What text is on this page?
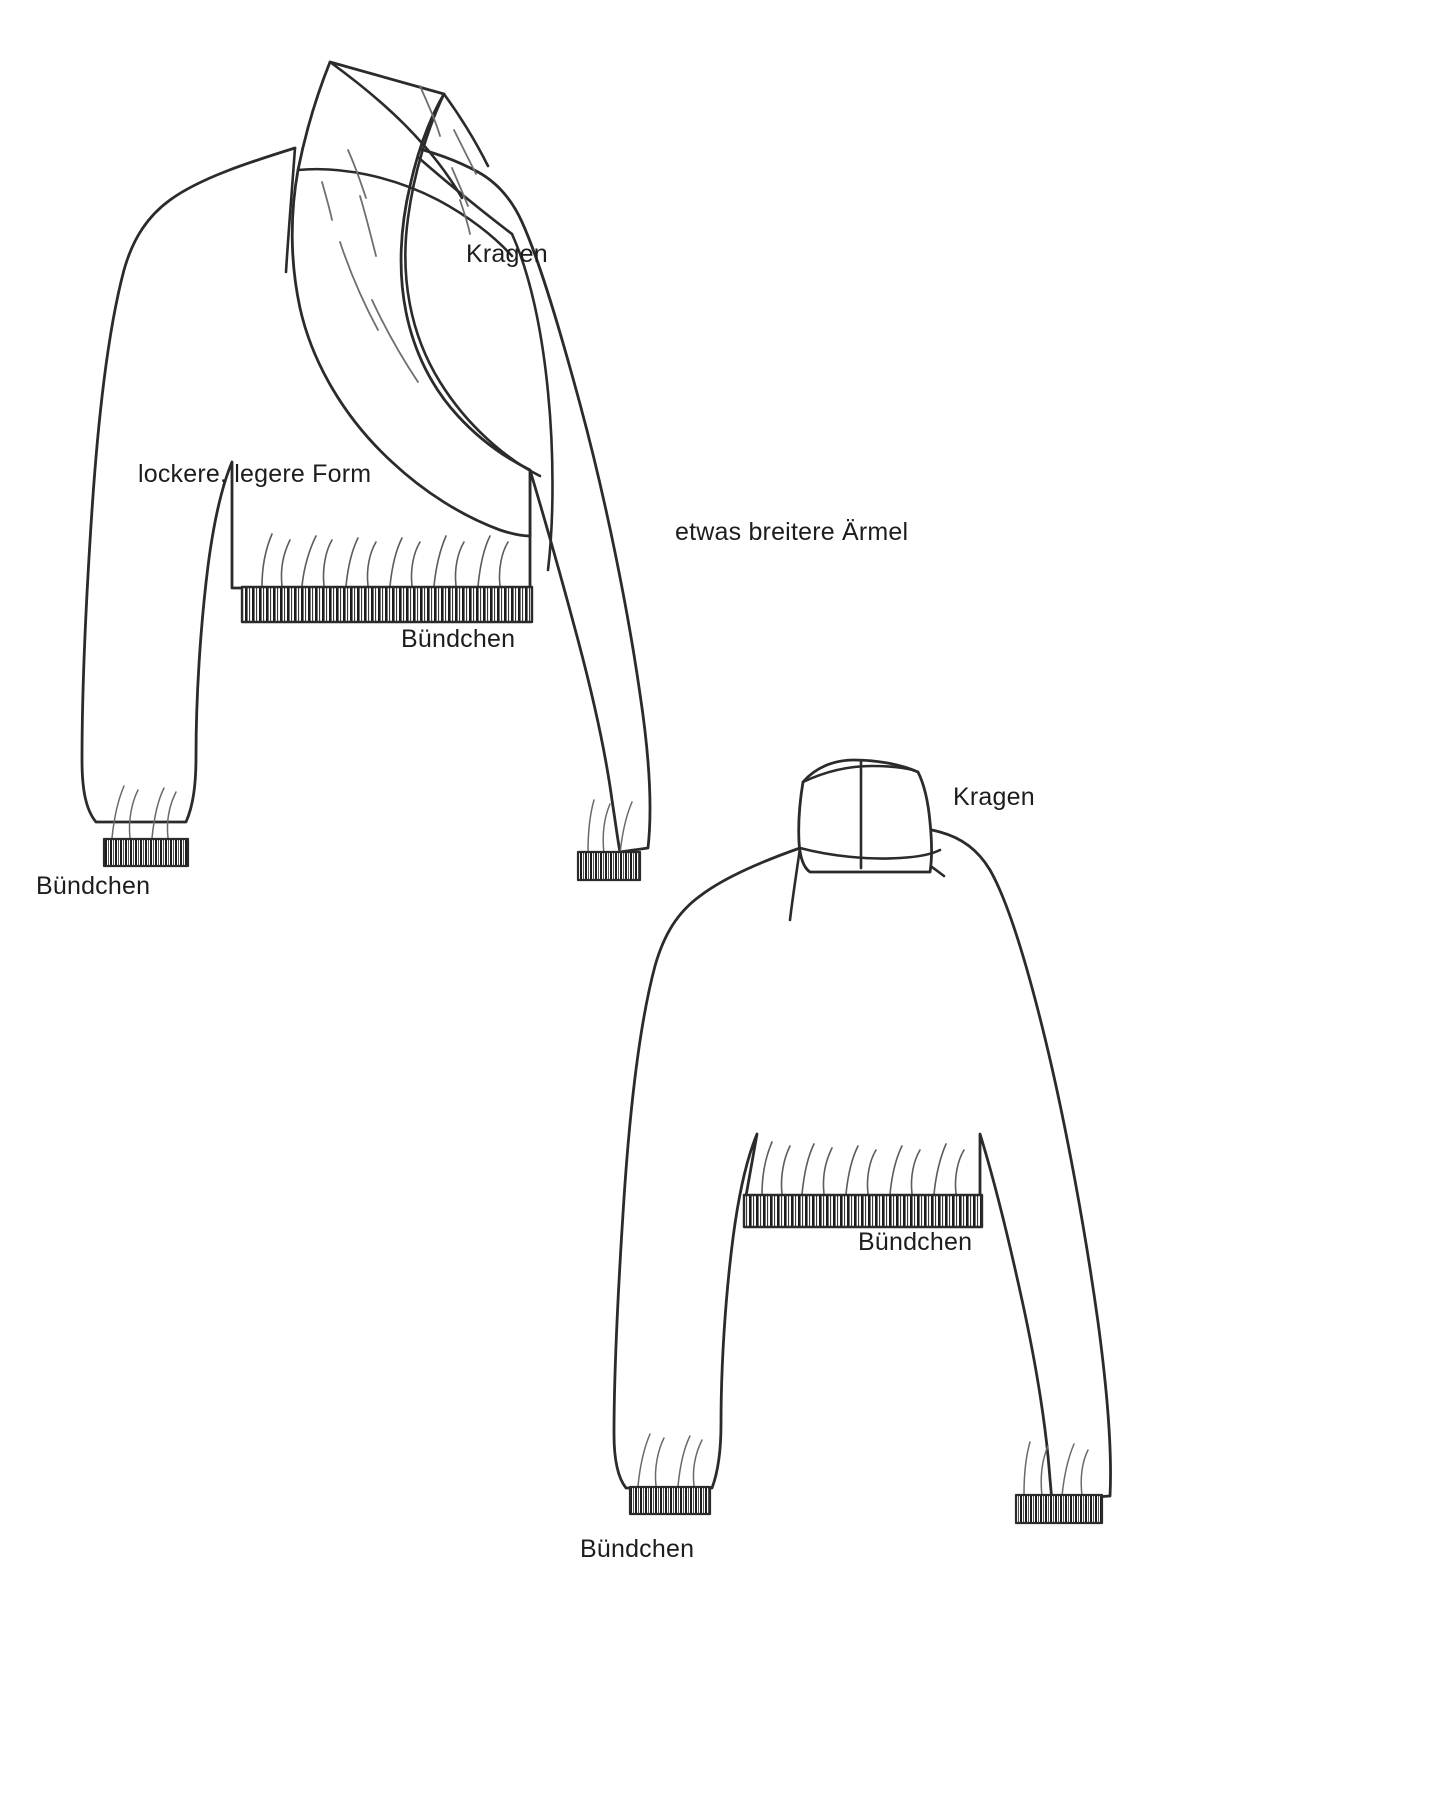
Kragen
lockere, legere Form
etwas breitere Ärmel
Bündchen
Bündchen
Kragen
Bündchen
Bündchen
